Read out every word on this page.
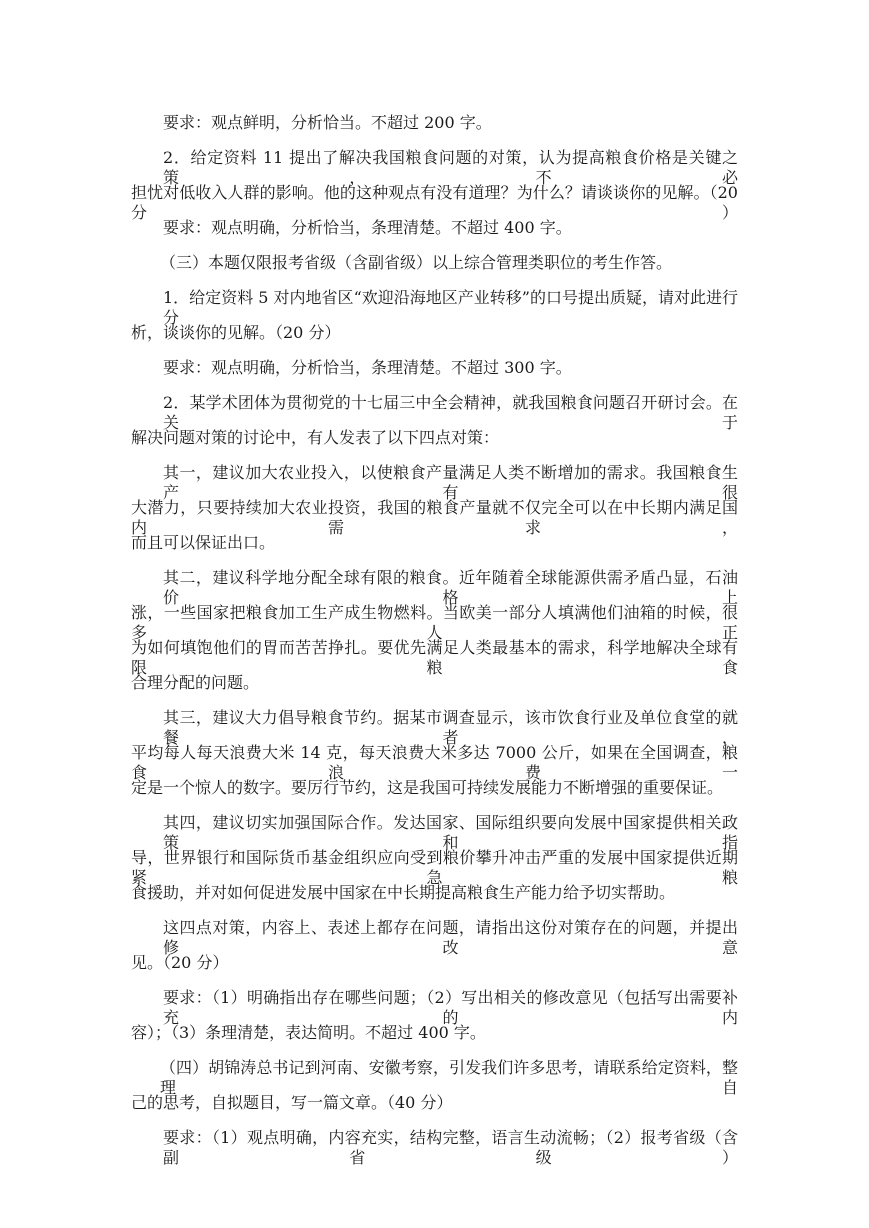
要求：观点鲜明，分析恰当。不超过 200 字。
2．给定资料 11 提出了解决我国粮食问题的对策，认为提高粮食价格是关键之策，不必
担忧对低收入人群的影响。他的这种观点有没有道理？为什么？请谈谈你的见解。（20 分）
要求：观点明确，分析恰当，条理清楚。不超过 400 字。
（三）本题仅限报考省级（含副省级）以上综合管理类职位的考生作答。
1．给定资料 5 对内地省区“欢迎沿海地区产业转移”的口号提出质疑，请对此进行分
析，谈谈你的见解。（20 分）
要求：观点明确，分析恰当，条理清楚。不超过 300 字。
2．某学术团体为贯彻党的十七届三中全会精神，就我国粮食问题召开研讨会。在关于
解决问题对策的讨论中，有人发表了以下四点对策：
其一，建议加大农业投入，以使粮食产量满足人类不断增加的需求。我国粮食生产有很
大潜力，只要持续加大农业投资，我国的粮食产量就不仅完全可以在中长期内满足国内需求，
而且可以保证出口。
其二，建议科学地分配全球有限的粮食。近年随着全球能源供需矛盾凸显，石油价格上
涨，一些国家把粮食加工生产成生物燃料。当欧美一部分人填满他们油箱的时候，很多人正
为如何填饱他们的胃而苦苦挣扎。要优先满足人类最基本的需求，科学地解决全球有限粮食
合理分配的问题。
其三，建议大力倡导粮食节约。据某市调查显示，该市饮食行业及单位食堂的就餐者，
平均每人每天浪费大米 14 克，每天浪费大米多达 7000 公斤，如果在全国调查，粮食浪费一
定是一个惊人的数字。要厉行节约，这是我国可持续发展能力不断增强的重要保证。
其四，建议切实加强国际合作。发达国家、国际组织要向发展中国家提供相关政策和指
导，世界银行和国际货币基金组织应向受到粮价攀升冲击严重的发展中国家提供近期紧急粮
食援助，并对如何促进发展中国家在中长期提高粮食生产能力给予切实帮助。
这四点对策，内容上、表述上都存在问题，请指出这份对策存在的问题，并提出修改意
见。（20 分）
要求：（1）明确指出存在哪些问题；（2）写出相关的修改意见（包括写出需要补充的内
容）；（3）条理清楚，表达简明。不超过 400 字。
（四）胡锦涛总书记到河南、安徽考察，引发我们许多思考，请联系给定资料，整理自
己的思考，自拟题目，写一篇文章。（40 分）
要求：（1）观点明确，内容充实，结构完整，语言生动流畅；（2）报考省级（含副省级）
